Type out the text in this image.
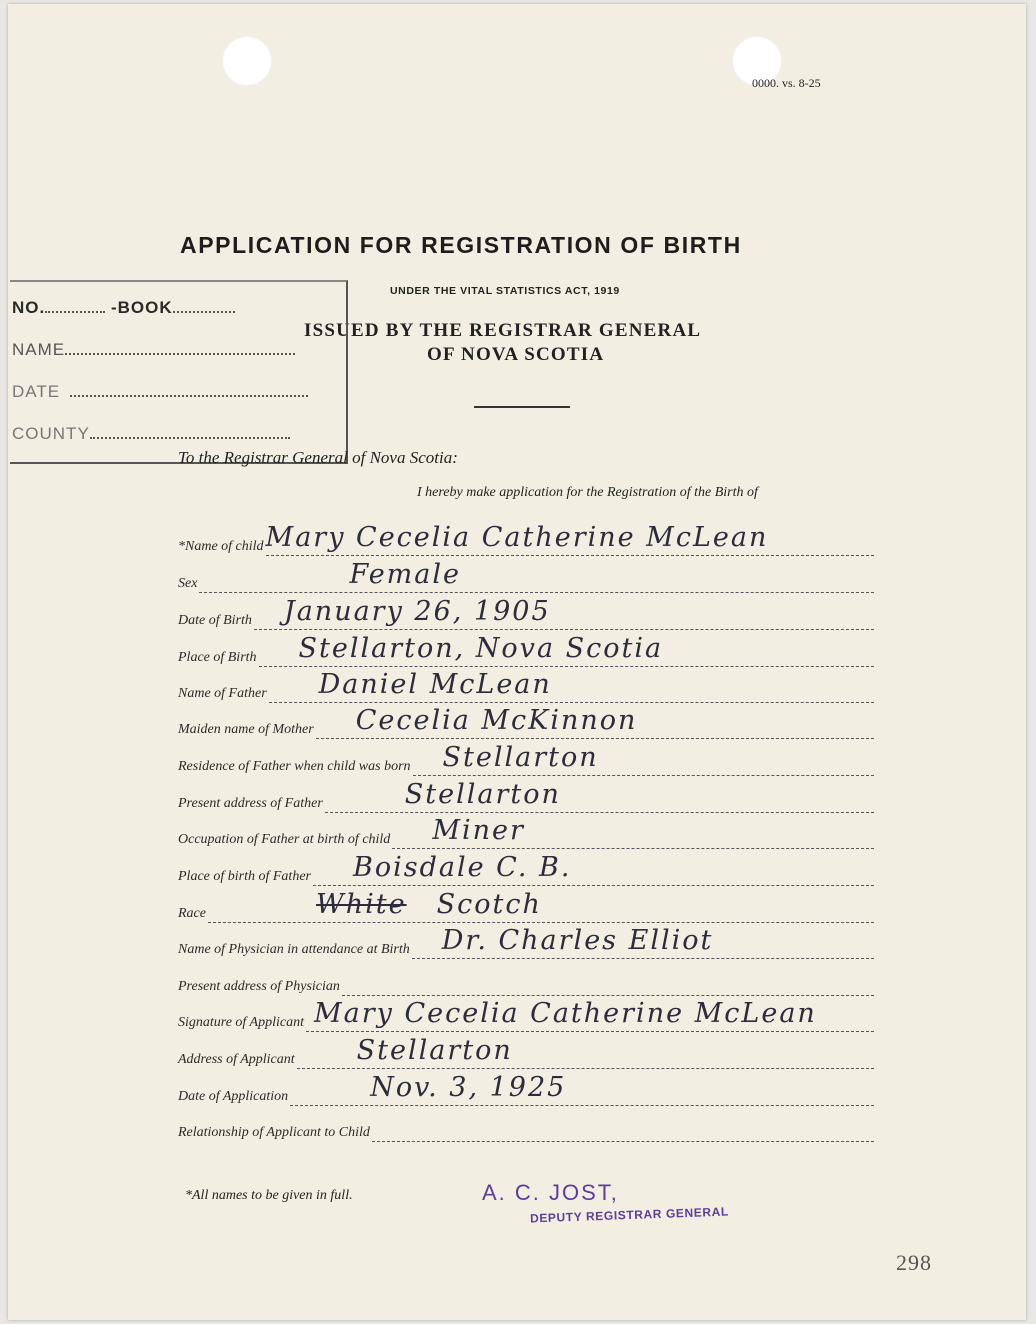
0000. vs. 8-25
APPLICATION FOR REGISTRATION OF BIRTH
UNDER THE VITAL STATISTICS ACT, 1919
ISSUED BY THE REGISTRAR GENERAL
OF NOVA SCOTIA
NO.	-BOOK
NAME
DATE
COUNTY
To the Registrar General of Nova Scotia:
I hereby make application for the Registration of the Birth of
*Name of child Mary Cecelia Catherine McLean
Sex	Female
Date of Birth January 26, 1905
Place of Birth Stellarton, Nova Scotia
Name of Father Daniel McLean
Maiden name of Mother Cecelia McKinnon
Residence of Father when child was born Stellarton
Present address of Father	Stellarton
Occupation of Father at birth of child Miner
Place of birth of Father Boisdale C. B.
Race	White Scotch
Name of Physician in attendance at Birth Dr. Charles Elliot
Present address of Physician
Signature of Applicant Mary Cecelia Catherine McLean
Address of Applicant Stellarton
Date of Application	Nov. 3, 1925
Relationship of Applicant to Child
*All names to be given in full.	A. C. JOST,
DEPUTY REGISTRAR GENERAL
298
